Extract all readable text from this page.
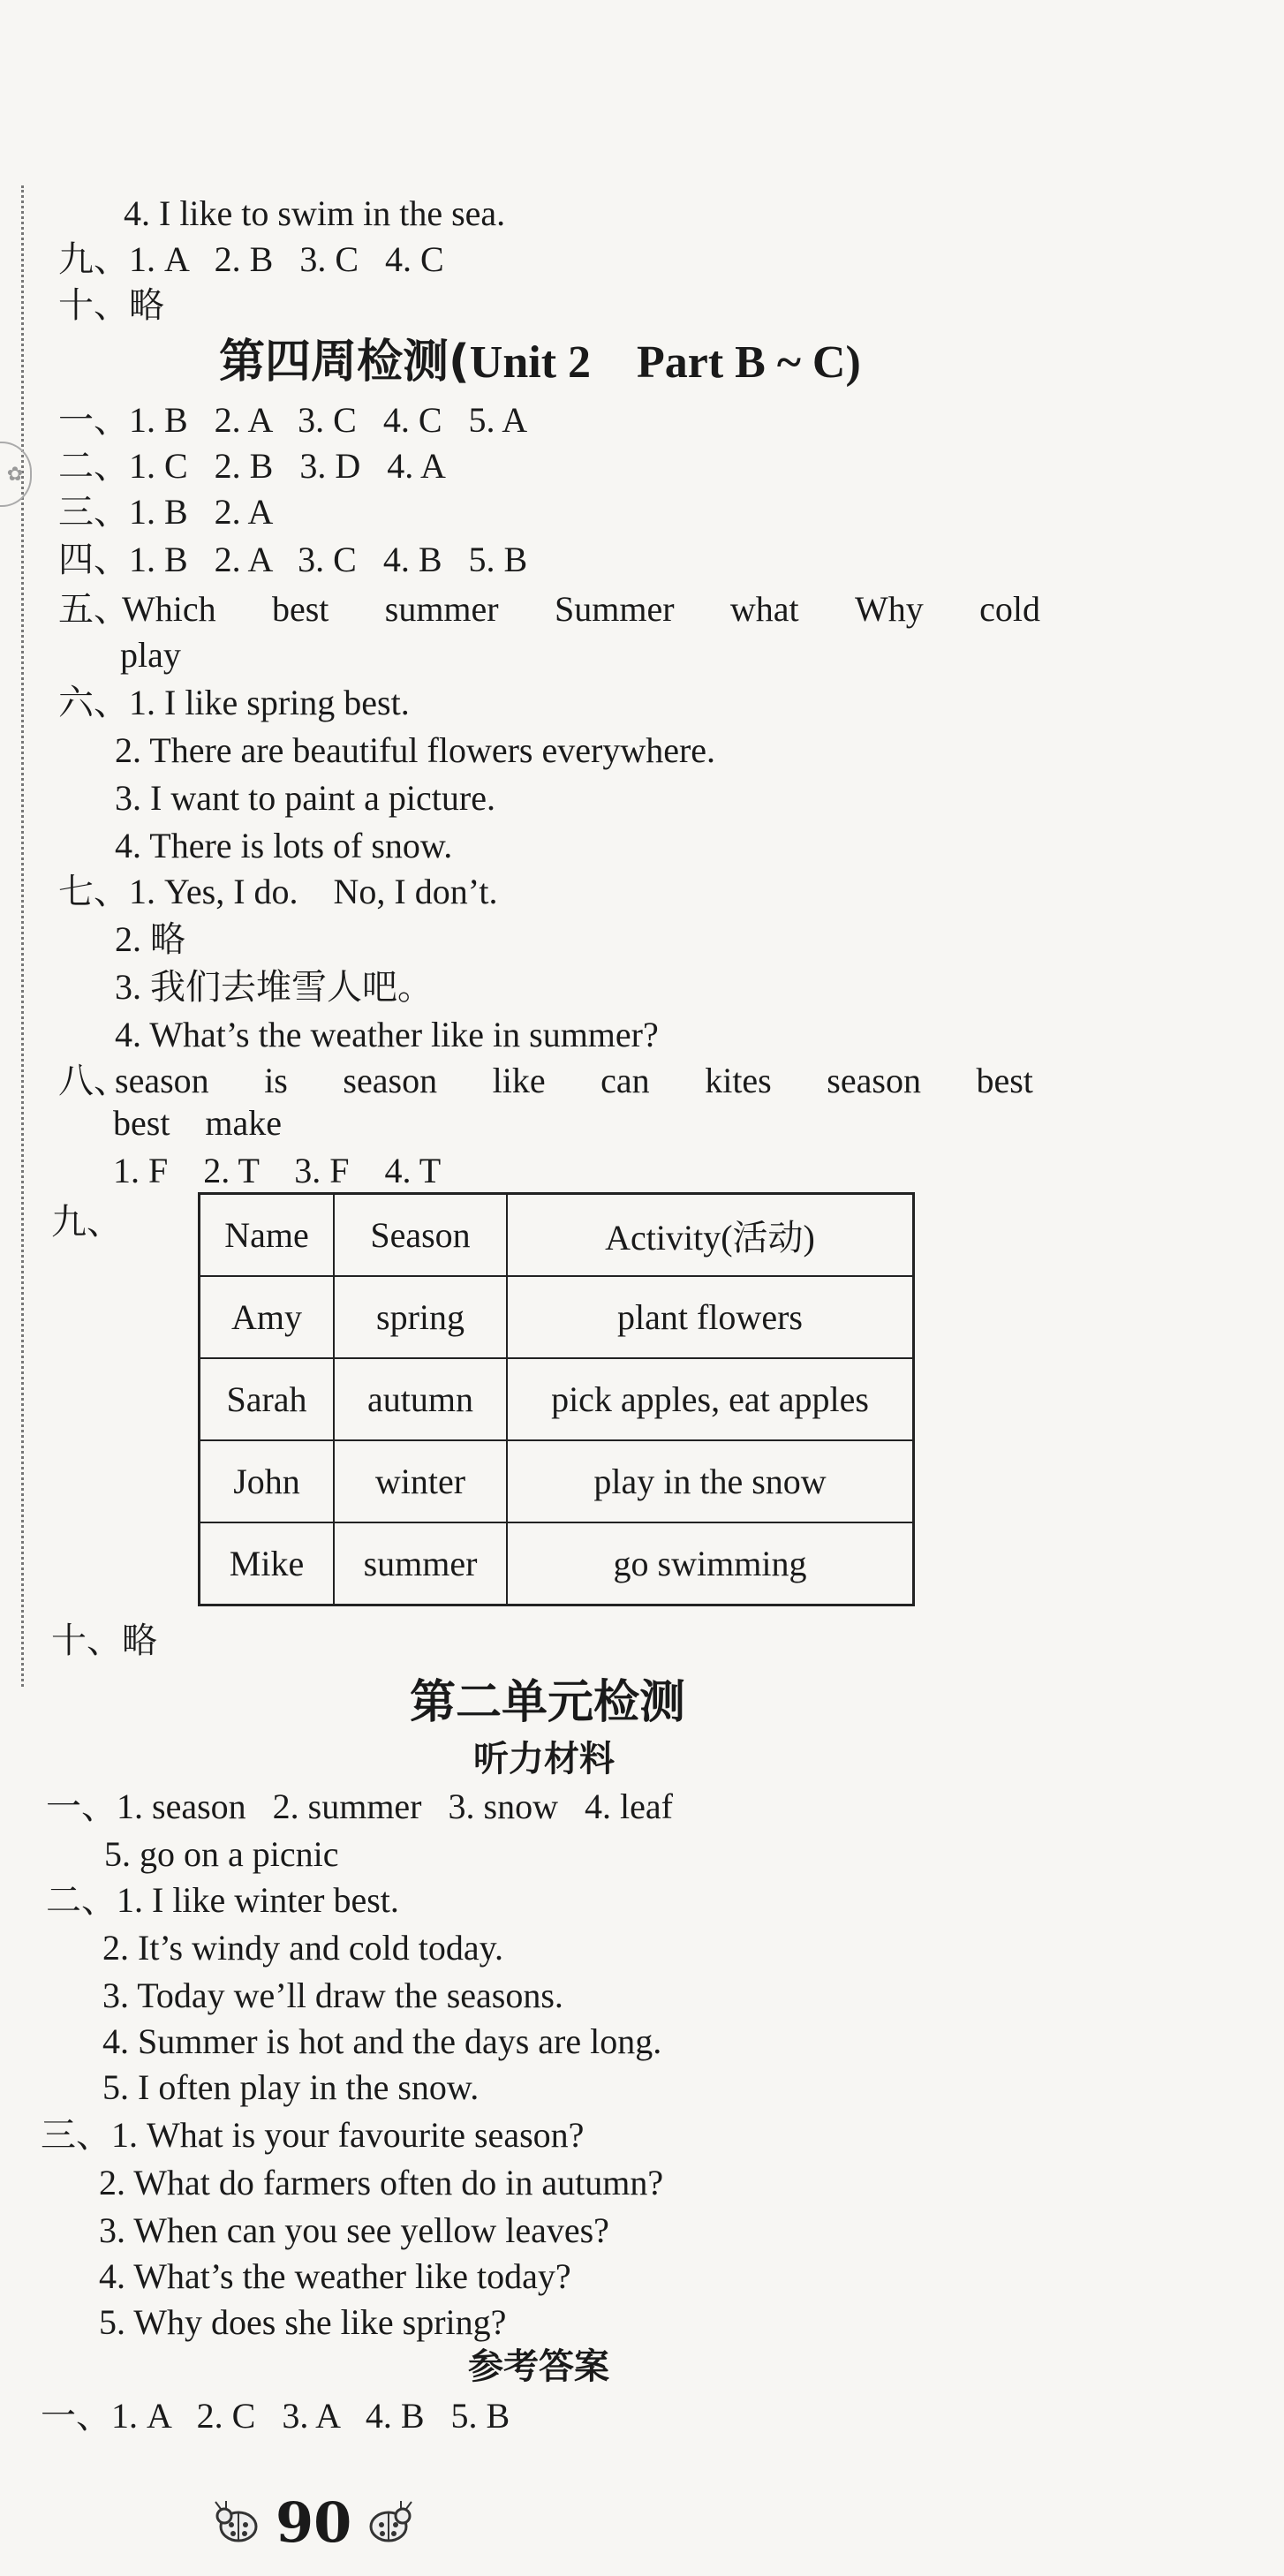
✿
4. I like to swim in the sea.
九、1. A   2. B   3. C   4. C
十、略
第四周检测(Unit 2    Part B ~ C)
一、1. B   2. A   3. C   4. C   5. A
二、1. C   2. B   3. D   4. A
三、1. B   2. A
四、1. B   2. A   3. C   4. B   5. B
五、
Which best summer Summer what Why cold
play
六、1. I like spring best.
2. There are beautiful flowers everywhere.
3. I want to paint a picture.
4. There is lots of snow.
七、1. Yes, I do.    No, I don’t.
2. 略
3. 我们去堆雪人吧。
4. What’s the weather like in summer?
八、
season is season like can kites season best
best    make
1. F    2. T    3. F    4. T
九、	Name	Season	Activity(活动)
Amy	spring	plant flowers
Sarah	autumn	pick apples, eat apples
John	winter	play in the snow
Mike	summer	go swimming
十、略
第二单元检测
听力材料
一、1. season   2. summer   3. snow   4. leaf
5. go on a picnic
二、1. I like winter best.
2. It’s windy and cold today.
3. Today we’ll draw the seasons.
4. Summer is hot and the days are long.
5. I often play in the snow.
三、1. What is your favourite season?
2. What do farmers often do in autumn?
3. When can you see yellow leaves?
4. What’s the weather like today?
5. Why does she like spring?
参考答案
一、1. A   2. C   3. A   4. B   5. B
90
